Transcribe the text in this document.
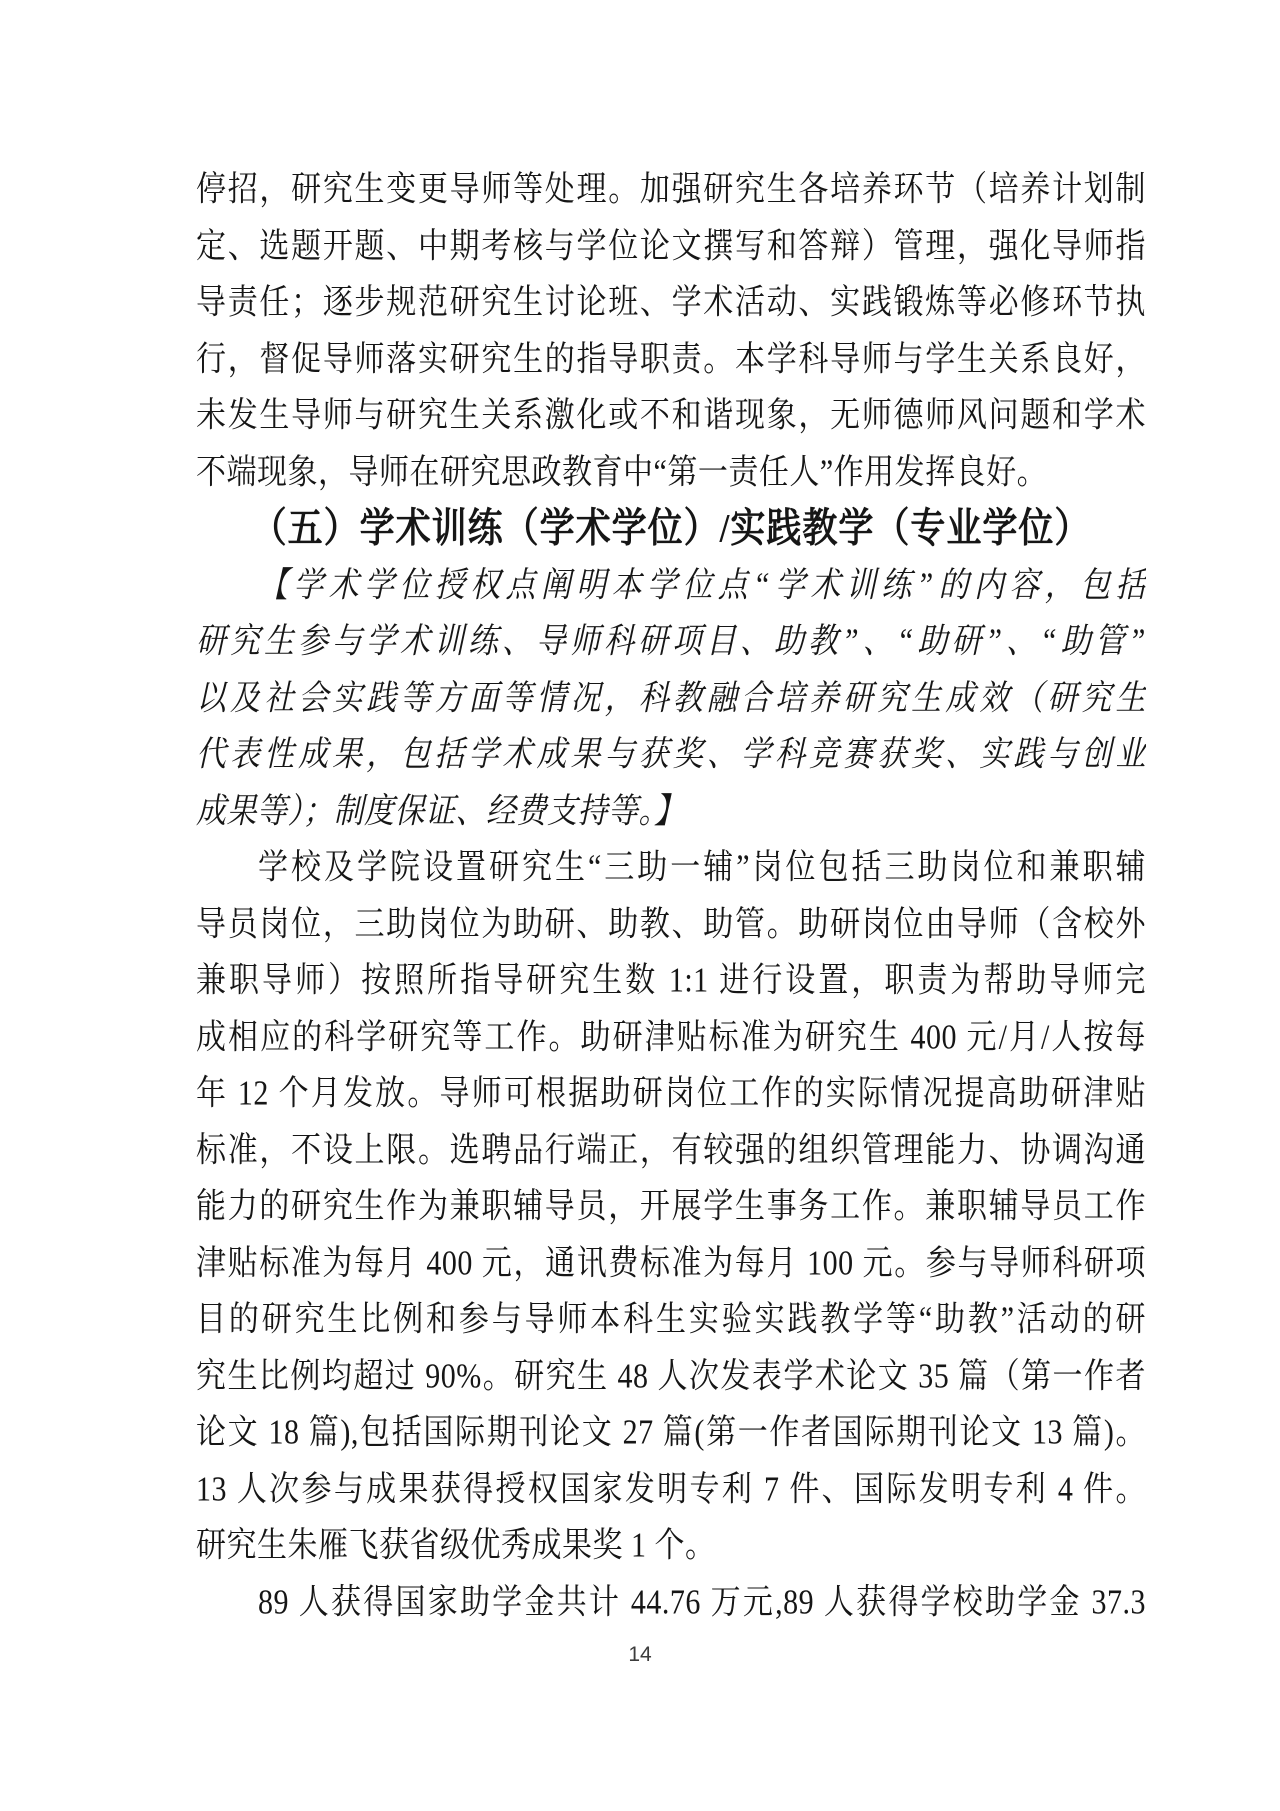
停招，研究生变更导师等处理。加强研究生各培养环节（培养计划制
定、选题开题、中期考核与学位论文撰写和答辩）管理，强化导师指
导责任；逐步规范研究生讨论班、学术活动、实践锻炼等必修环节执
行，督促导师落实研究生的指导职责。本学科导师与学生关系良好，
未发生导师与研究生关系激化或不和谐现象，无师德师风问题和学术
不端现象，导师在研究思政教育中“第一责任人”作用发挥良好。
（五）学术训练（学术学位）/实践教学（专业学位）
【学术学位授权点阐明本学位点“学术训练”的内容，包括
研究生参与学术训练、导师科研项目、助教”、“助研”、“助管”
以及社会实践等方面等情况，科教融合培养研究生成效（研究生
代表性成果，包括学术成果与获奖、学科竞赛获奖、实践与创业
成果等）；制度保证、经费支持等。】
学校及学院设置研究生“三助一辅”岗位包括三助岗位和兼职辅
导员岗位，三助岗位为助研、助教、助管。助研岗位由导师（含校外
兼职导师）按照所指导研究生数 1:1 进行设置，职责为帮助导师完
成相应的科学研究等工作。助研津贴标准为研究生 400 元/月/人按每
年 12 个月发放。导师可根据助研岗位工作的实际情况提高助研津贴
标准，不设上限。选聘品行端正，有较强的组织管理能力、协调沟通
能力的研究生作为兼职辅导员，开展学生事务工作。兼职辅导员工作
津贴标准为每月 400 元，通讯费标准为每月 100 元。参与导师科研项
目的研究生比例和参与导师本科生实验实践教学等“助教”活动的研
究生比例均超过 90%。研究生 48 人次发表学术论文 35 篇（第一作者
论文 18 篇),包括国际期刊论文 27 篇(第一作者国际期刊论文 13 篇)。
13 人次参与成果获得授权国家发明专利 7 件、国际发明专利 4 件。
研究生朱雁飞获省级优秀成果奖 1 个。
89 人获得国家助学金共计 44.76 万元,89 人获得学校助学金 37.3
14
